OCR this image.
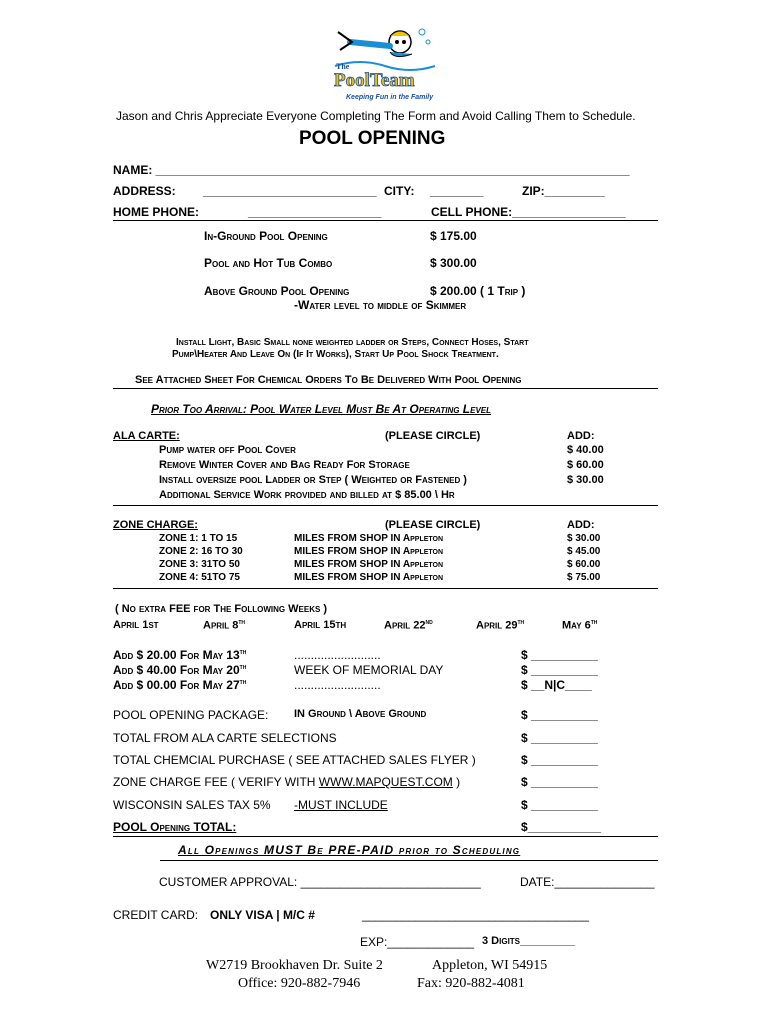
The
PoolTeam
Keeping Fun in the Family
Jason and Chris Appreciate Everyone Completing The Form and Avoid Calling Them to Schedule.
POOL OPENING
NAME: _______________________________________________________________________
ADDRESS: __________________________ CITY: ________	ZIP:_________
HOME PHONE:	____________________	CELL PHONE:_________________
In-Ground Pool Opening	$ 175.00
Pool and Hot Tub Combo	$ 300.00
Above Ground Pool Opening	$ 200.00 ( 1 Trip )
-Water level to middle of Skimmer
Install Light, Basic Small none weighted ladder or Steps, Connect Hoses, Start
Pump\Heater And Leave On (If It Works), Start Up Pool Shock Treatment.
See Attached Sheet For Chemical Orders To Be Delivered With Pool Opening
Prior Too Arrival: Pool Water Level Must Be At Operating Level
ALA CARTE:	(PLEASE CIRCLE)	ADD:
Pump water off Pool Cover	$ 40.00
Remove Winter Cover and Bag Ready For Storage	$ 60.00
Install oversize pool Ladder or Step ( Weighted or Fastened )	$ 30.00
Additional Service Work provided and billed at $ 85.00 \ Hr
ZONE CHARGE:	(PLEASE CIRCLE)	ADD:
ZONE 1: 1 TO 15	MILES FROM SHOP IN Appleton	$ 30.00
ZONE 2: 16 TO 30	MILES FROM SHOP IN Appleton	$ 45.00
ZONE 3: 31TO 50	MILES FROM SHOP IN Appleton	$ 60.00
ZONE 4: 51TO 75	MILES FROM SHOP IN Appleton	$ 75.00
( No extra FEE for The Following Weeks )
April 1st	April 8th	April 15th	April 22nd	April 29th	May 6th
Add $ 20.00 For May 13th	..........................	$ __________
Add $ 40.00 For May 20th	WEEK OF MEMORIAL DAY	$ __________
Add $ 00.00 For May 27th	..........................	$ __N|C____
POOL OPENING PACKAGE: IN Ground \ Above Ground	$ __________
TOTAL FROM ALA CARTE SELECTIONS	$ __________
TOTAL CHEMCIAL PURCHASE ( SEE ATTACHED SALES FLYER )	$ __________
ZONE CHARGE FEE ( VERIFY WITH WWW.MAPQUEST.COM )	$ __________
WISCONSIN SALES TAX 5% -MUST INCLUDE	$ __________
POOL Opening TOTAL:	$___________
All Openings MUST Be PRE-PAID prior to Scheduling
CUSTOMER APPROVAL: ___________________________	DATE:_______________
CREDIT CARD: ONLY VISA | M/C #	__________________________________
EXP:_____________ 3 Digits_________
W2719 Brookhaven Dr. Suite 2	Appleton, WI 54915
Office: 920-882-7946	Fax: 920-882-4081
